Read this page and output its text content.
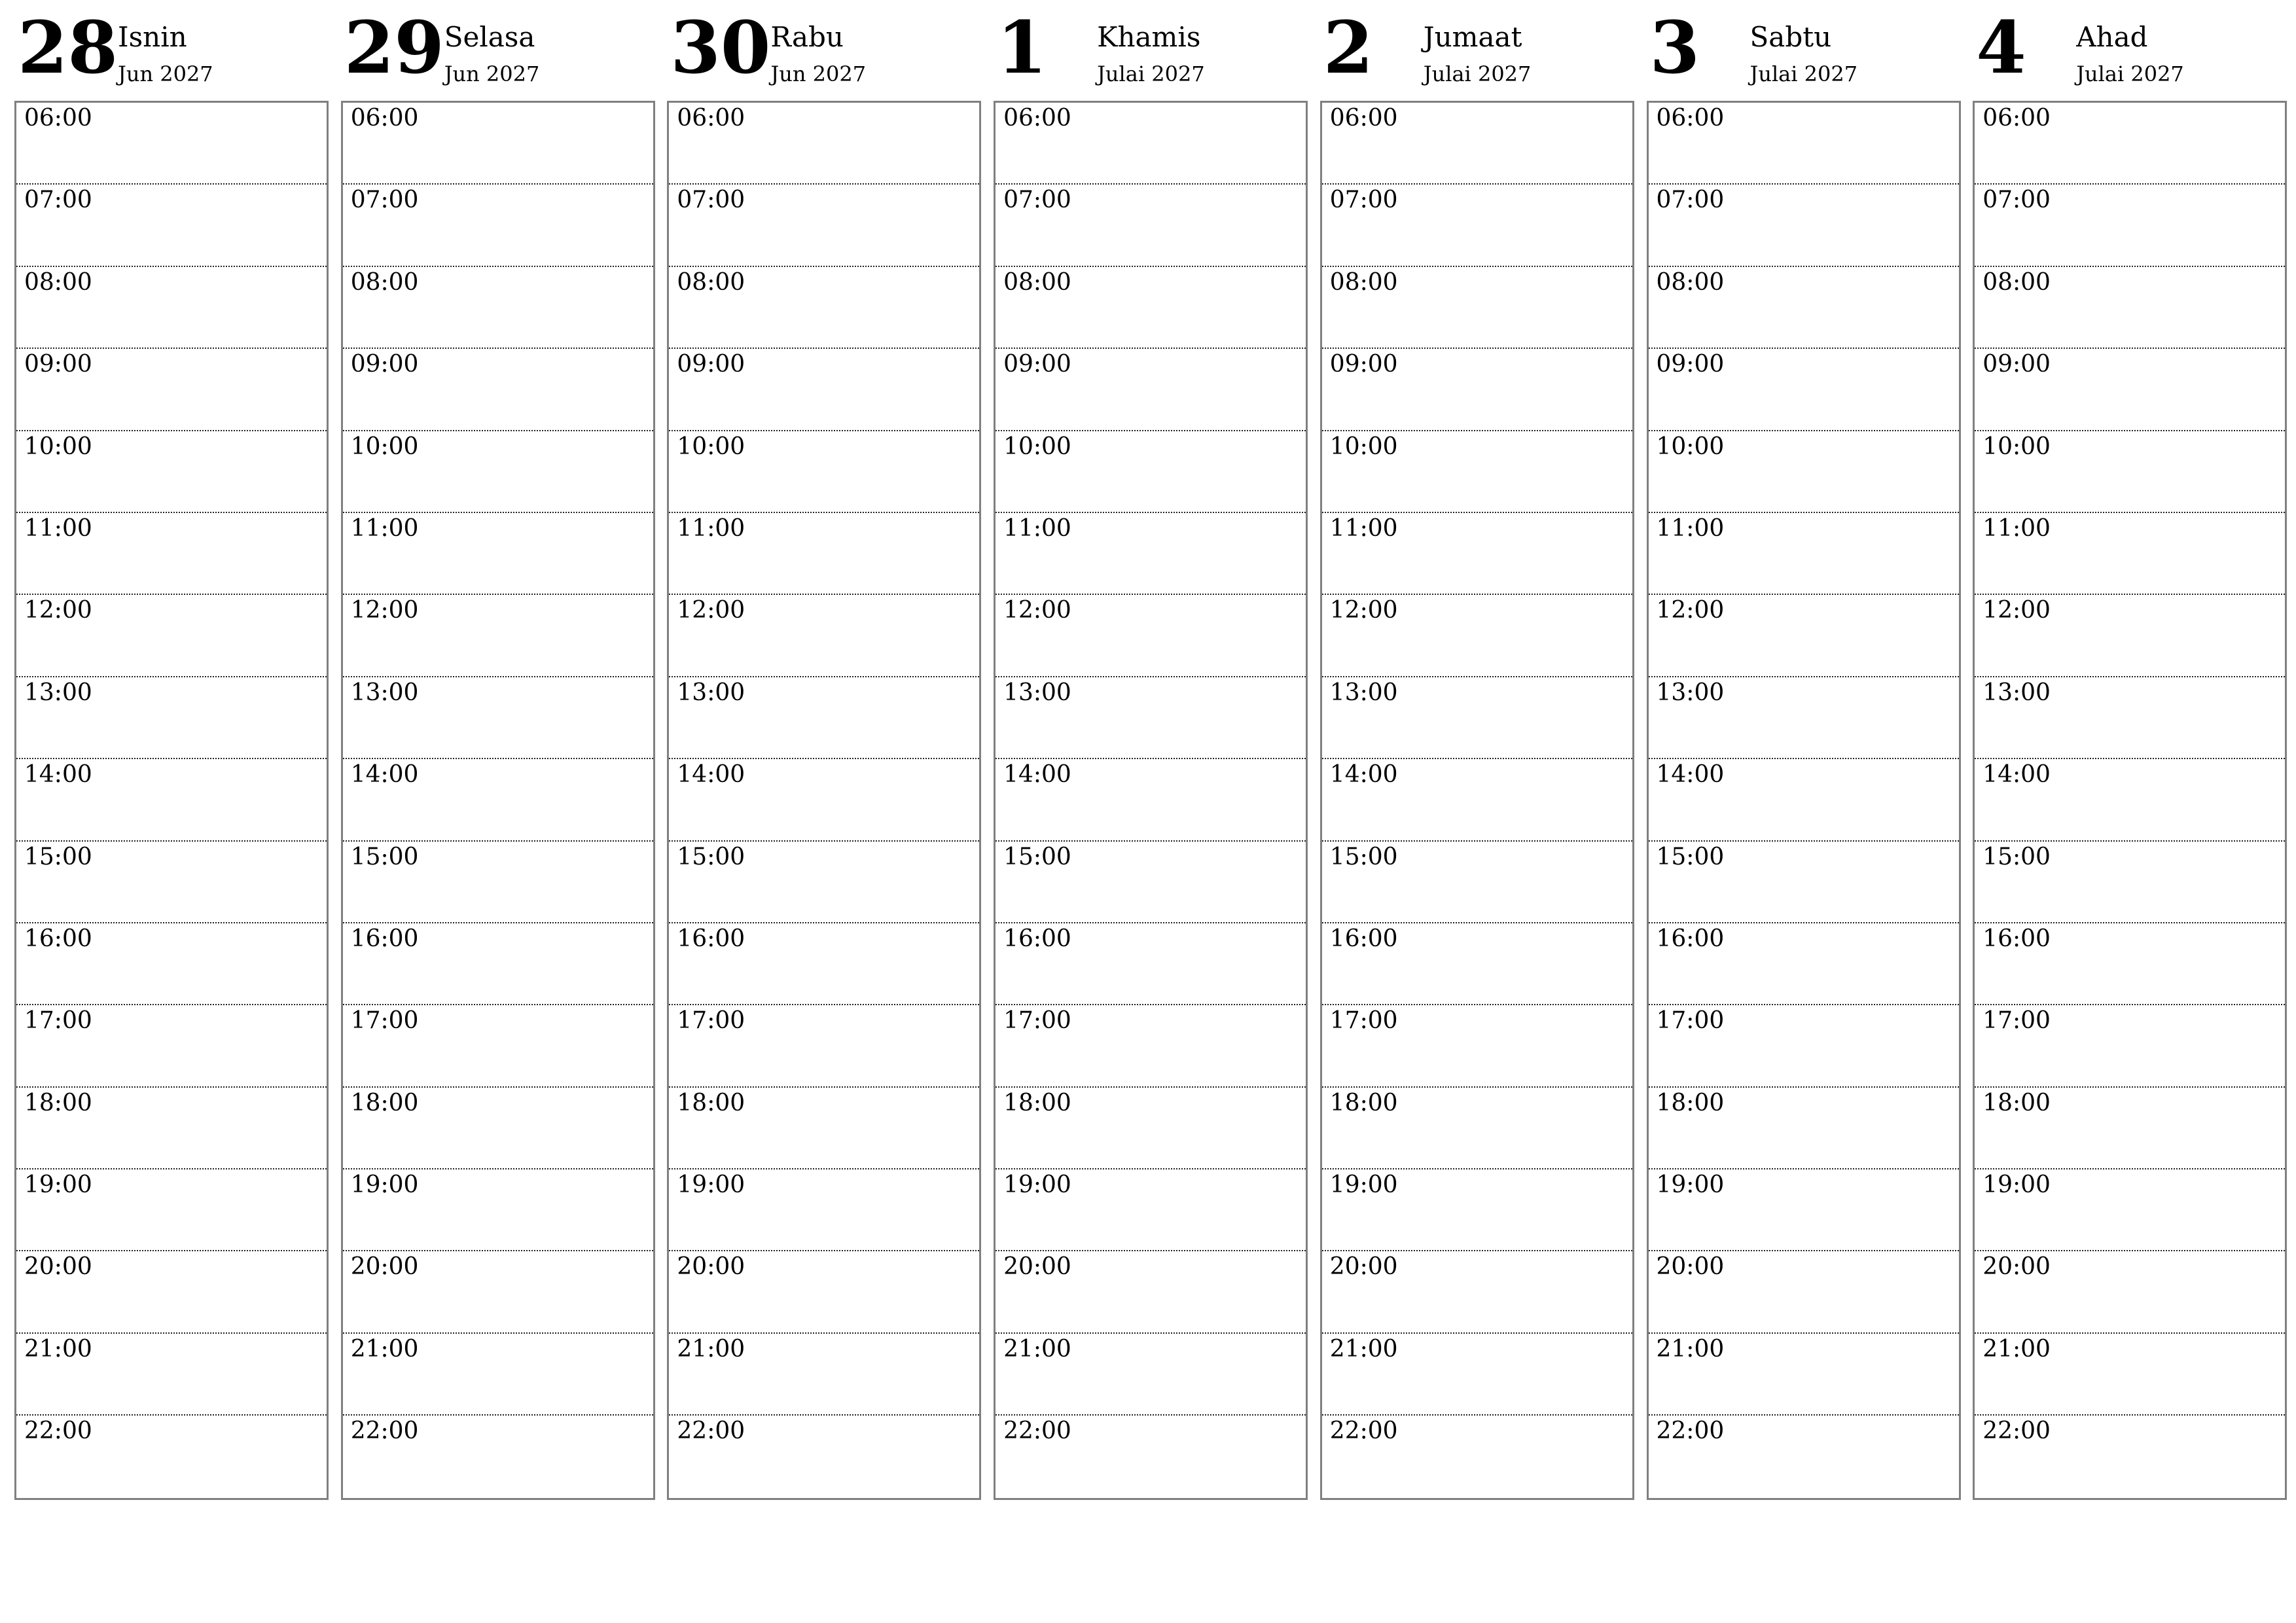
28 Isnin
Jun 2027
06:00
07:00
08:00
09:00
10:00
11:00
12:00
13:00
14:00
15:00
16:00
17:00
18:00
19:00
20:00
21:00
22:00
29 Selasa
Jun 2027
06:00
07:00
08:00
09:00
10:00
11:00
12:00
13:00
14:00
15:00
16:00
17:00
18:00
19:00
20:00
21:00
22:00
30 Rabu
Jun 2027
06:00
07:00
08:00
09:00
10:00
11:00
12:00
13:00
14:00
15:00
16:00
17:00
18:00
19:00
20:00
21:00
22:00
1 Khamis
Julai 2027
06:00
07:00
08:00
09:00
10:00
11:00
12:00
13:00
14:00
15:00
16:00
17:00
18:00
19:00
20:00
21:00
22:00
2 Jumaat
Julai 2027
06:00
07:00
08:00
09:00
10:00
11:00
12:00
13:00
14:00
15:00
16:00
17:00
18:00
19:00
20:00
21:00
22:00
3 Sabtu
Julai 2027
06:00
07:00
08:00
09:00
10:00
11:00
12:00
13:00
14:00
15:00
16:00
17:00
18:00
19:00
20:00
21:00
22:00
4 Ahad
Julai 2027
06:00
07:00
08:00
09:00
10:00
11:00
12:00
13:00
14:00
15:00
16:00
17:00
18:00
19:00
20:00
21:00
22:00
